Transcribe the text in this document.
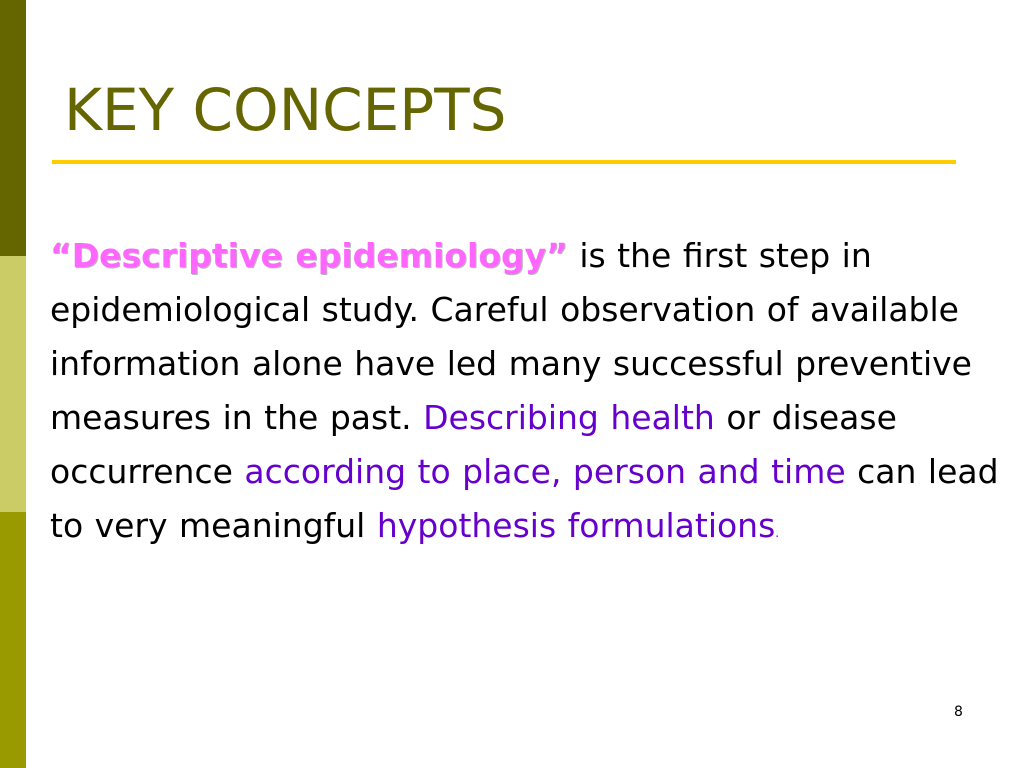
KEY CONCEPTS

“Descriptive epidemiology” is the first step in epidemiological study. Careful observation of available information alone have led many successful preventive measures in the past. Describing health or disease occurrence according to place, person and time can lead to very meaningful hypothesis formulations.

8
